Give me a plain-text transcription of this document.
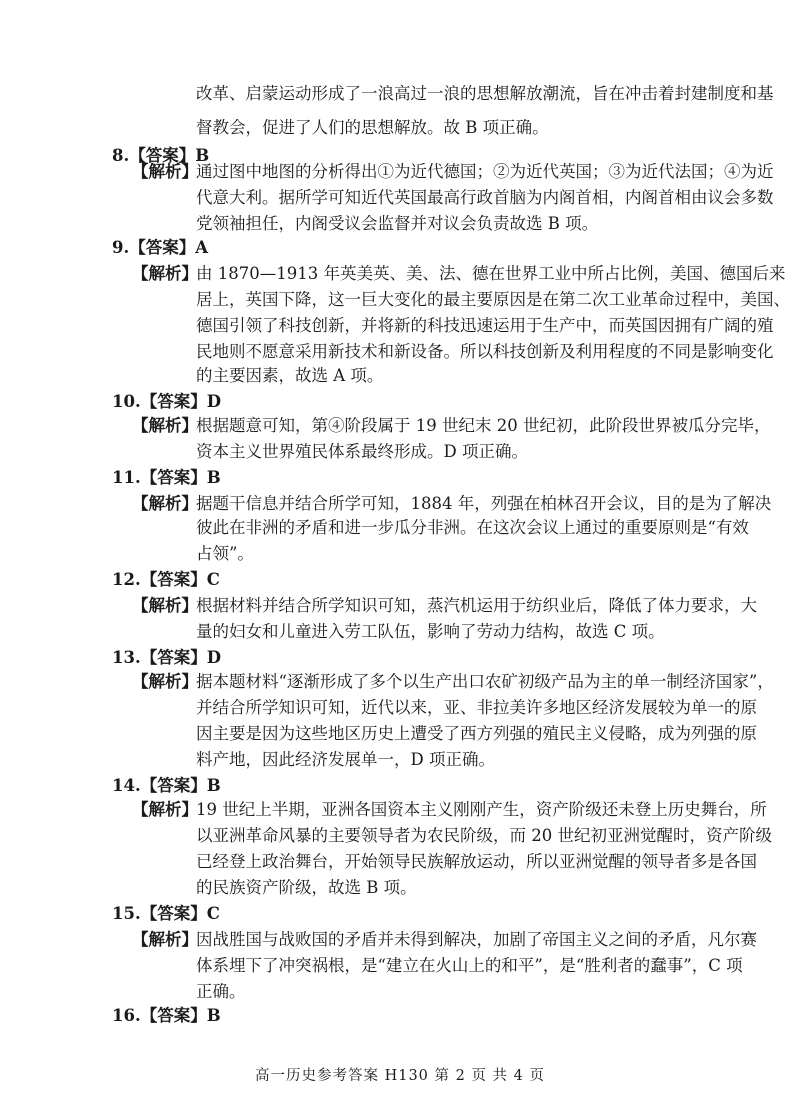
改革、启蒙运动形成了一浪高过一浪的思想解放潮流，旨在冲击着封建制度和基
督教会，促进了人们的思想解放。故 B 项正确。
8.【答案】B
【解析】
通过图中地图的分析得出①为近代德国；②为近代英国；③为近代法国；④为近
代意大利。据所学可知近代英国最高行政首脑为内阁首相，内阁首相由议会多数
党领袖担任，内阁受议会监督并对议会负责故选 B 项。
9.【答案】A
【解析】
由 1870—1913 年英美英、美、法、德在世界工业中所占比例，美国、德国后来
居上，英国下降，这一巨大变化的最主要原因是在第二次工业革命过程中，美国、
德国引领了科技创新，并将新的科技迅速运用于生产中，而英国因拥有广阔的殖
民地则不愿意采用新技术和新设备。所以科技创新及利用程度的不同是影响变化
的主要因素，故选 A 项。
10.【答案】D
【解析】
根据题意可知，第④阶段属于 19 世纪末 20 世纪初，此阶段世界被瓜分完毕，
资本主义世界殖民体系最终形成。D 项正确。
11.【答案】B
【解析】
据题干信息并结合所学可知，1884 年，列强在柏林召开会议，目的是为了解决
彼此在非洲的矛盾和进一步瓜分非洲。在这次会议上通过的重要原则是“有效
占领”。
12.【答案】C
【解析】
根据材料并结合所学知识可知，蒸汽机运用于纺织业后，降低了体力要求，大
量的妇女和儿童进入劳工队伍，影响了劳动力结构，故选 C 项。
13.【答案】D
【解析】
据本题材料“逐渐形成了多个以生产出口农矿初级产品为主的单一制经济国家”，
并结合所学知识可知，近代以来，亚、非拉美许多地区经济发展较为单一的原
因主要是因为这些地区历史上遭受了西方列强的殖民主义侵略，成为列强的原
料产地，因此经济发展单一，D 项正确。
14.【答案】B
【解析】
19 世纪上半期，亚洲各国资本主义刚刚产生，资产阶级还未登上历史舞台，所
以亚洲革命风暴的主要领导者为农民阶级，而 20 世纪初亚洲觉醒时，资产阶级
已经登上政治舞台，开始领导民族解放运动，所以亚洲觉醒的领导者多是各国
的民族资产阶级，故选 B 项。
15.【答案】C
【解析】
因战胜国与战败国的矛盾并未得到解决，加剧了帝国主义之间的矛盾，凡尔赛
体系埋下了冲突祸根，是“建立在火山上的和平”，是“胜利者的蠢事”，C 项
正确。
16.【答案】B
高一历史参考答案 H130 第 2 页 共 4 页
